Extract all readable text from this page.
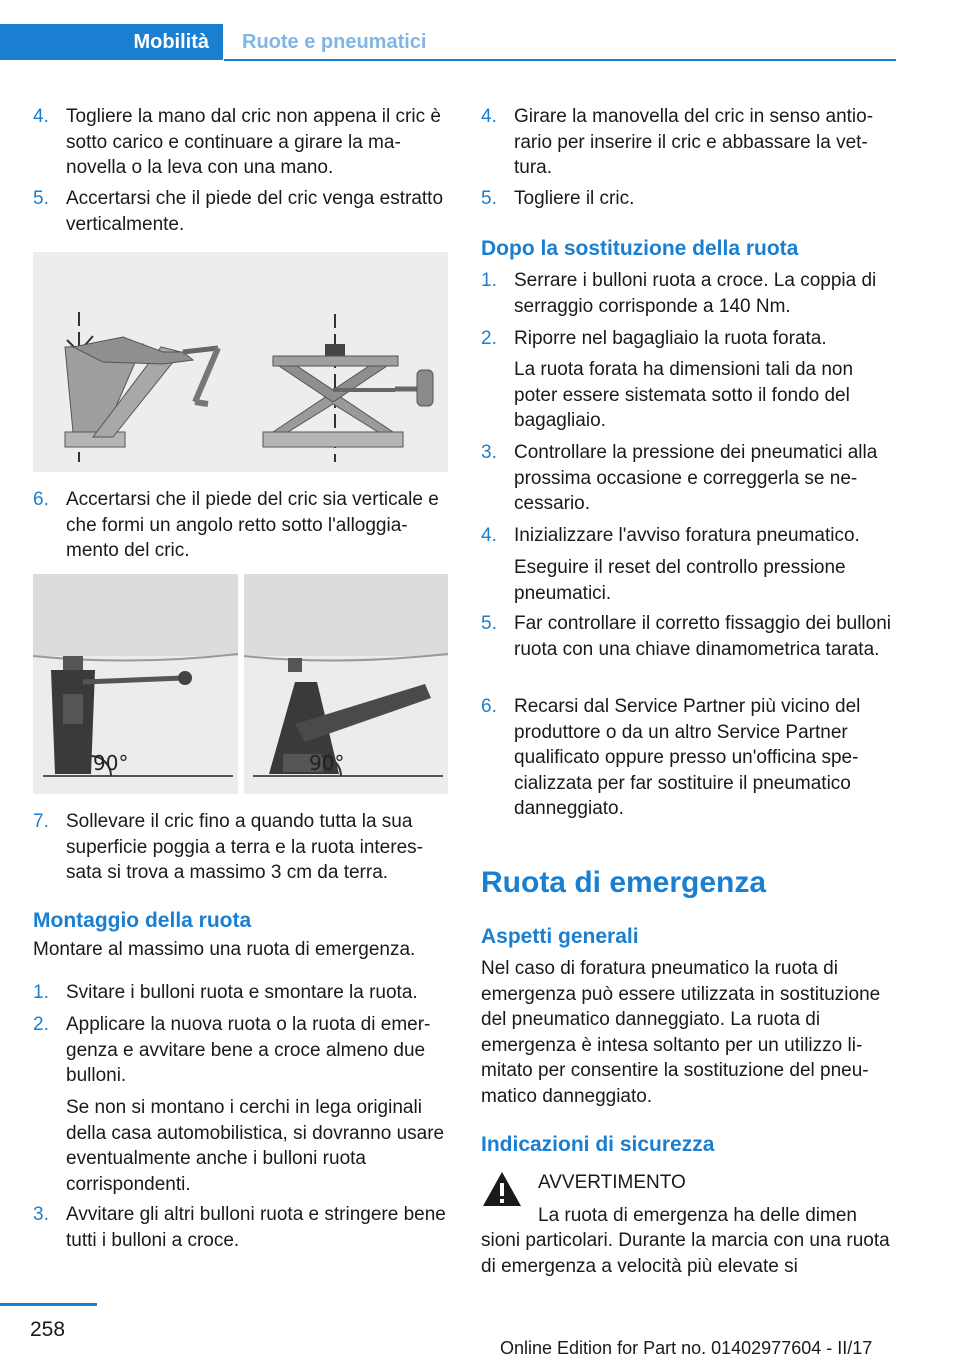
Mobilità	Ruote e pneumatici
4. Togliere la mano dal cric non appena il cric è sotto carico e continuare a girare la manovella o la leva con una mano.
5. Accertarsi che il piede del cric venga estratto verticalmente.
6. Accertarsi che il piede del cric sia verticale e che formi un angolo retto sotto l'alloggiamento del cric.
90°	90°
7. Sollevare il cric fino a quando tutta la sua superficie poggia a terra e la ruota interessata si trova a massimo 3 cm da terra.
Montaggio della ruota
Montare al massimo una ruota di emergenza.
1. Svitare i bulloni ruota e smontare la ruota.
2. Applicare la nuova ruota o la ruota di emergenza e avvitare bene a croce almeno due bulloni.
Se non si montano i cerchi in lega originali della casa automobilistica, si dovranno usare eventualmente anche i bulloni ruota corrispondenti.
3. Avvitare gli altri bulloni ruota e stringere bene tutti i bulloni a croce.
4. Girare la manovella del cric in senso antiorario per inserire il cric e abbassare la vettura.
5. Togliere il cric.
Dopo la sostituzione della ruota
1. Serrare i bulloni ruota a croce. La coppia di serraggio corrisponde a 140 Nm.
2. Riporre nel bagagliaio la ruota forata.
La ruota forata ha dimensioni tali da non poter essere sistemata sotto il fondo del bagagliaio.
3. Controllare la pressione dei pneumatici alla prossima occasione e correggerla se necessario.
4. Inizializzare l'avviso foratura pneumatico.
Eseguire il reset del controllo pressione pneumatici.
5. Far controllare il corretto fissaggio dei bulloni ruota con una chiave dinamometrica tarata.
6. Recarsi dal Service Partner più vicino del produttore o da un altro Service Partner qualificato oppure presso un'officina specializzata per far sostituire il pneumatico danneggiato.
Ruota di emergenza
Aspetti generali
Nel caso di foratura pneumatico la ruota di emergenza può essere utilizzata in sostituzione del pneumatico danneggiato. La ruota di emergenza è intesa soltanto per un utilizzo limitato per consentire la sostituzione del pneumatico danneggiato.
Indicazioni di sicurezza
AVVERTIMENTO
La ruota di emergenza ha delle dimen
sioni particolari. Durante la marcia con una ruota di emergenza a velocità più elevate si
258
Online Edition for Part no. 01402977604 - II/17
